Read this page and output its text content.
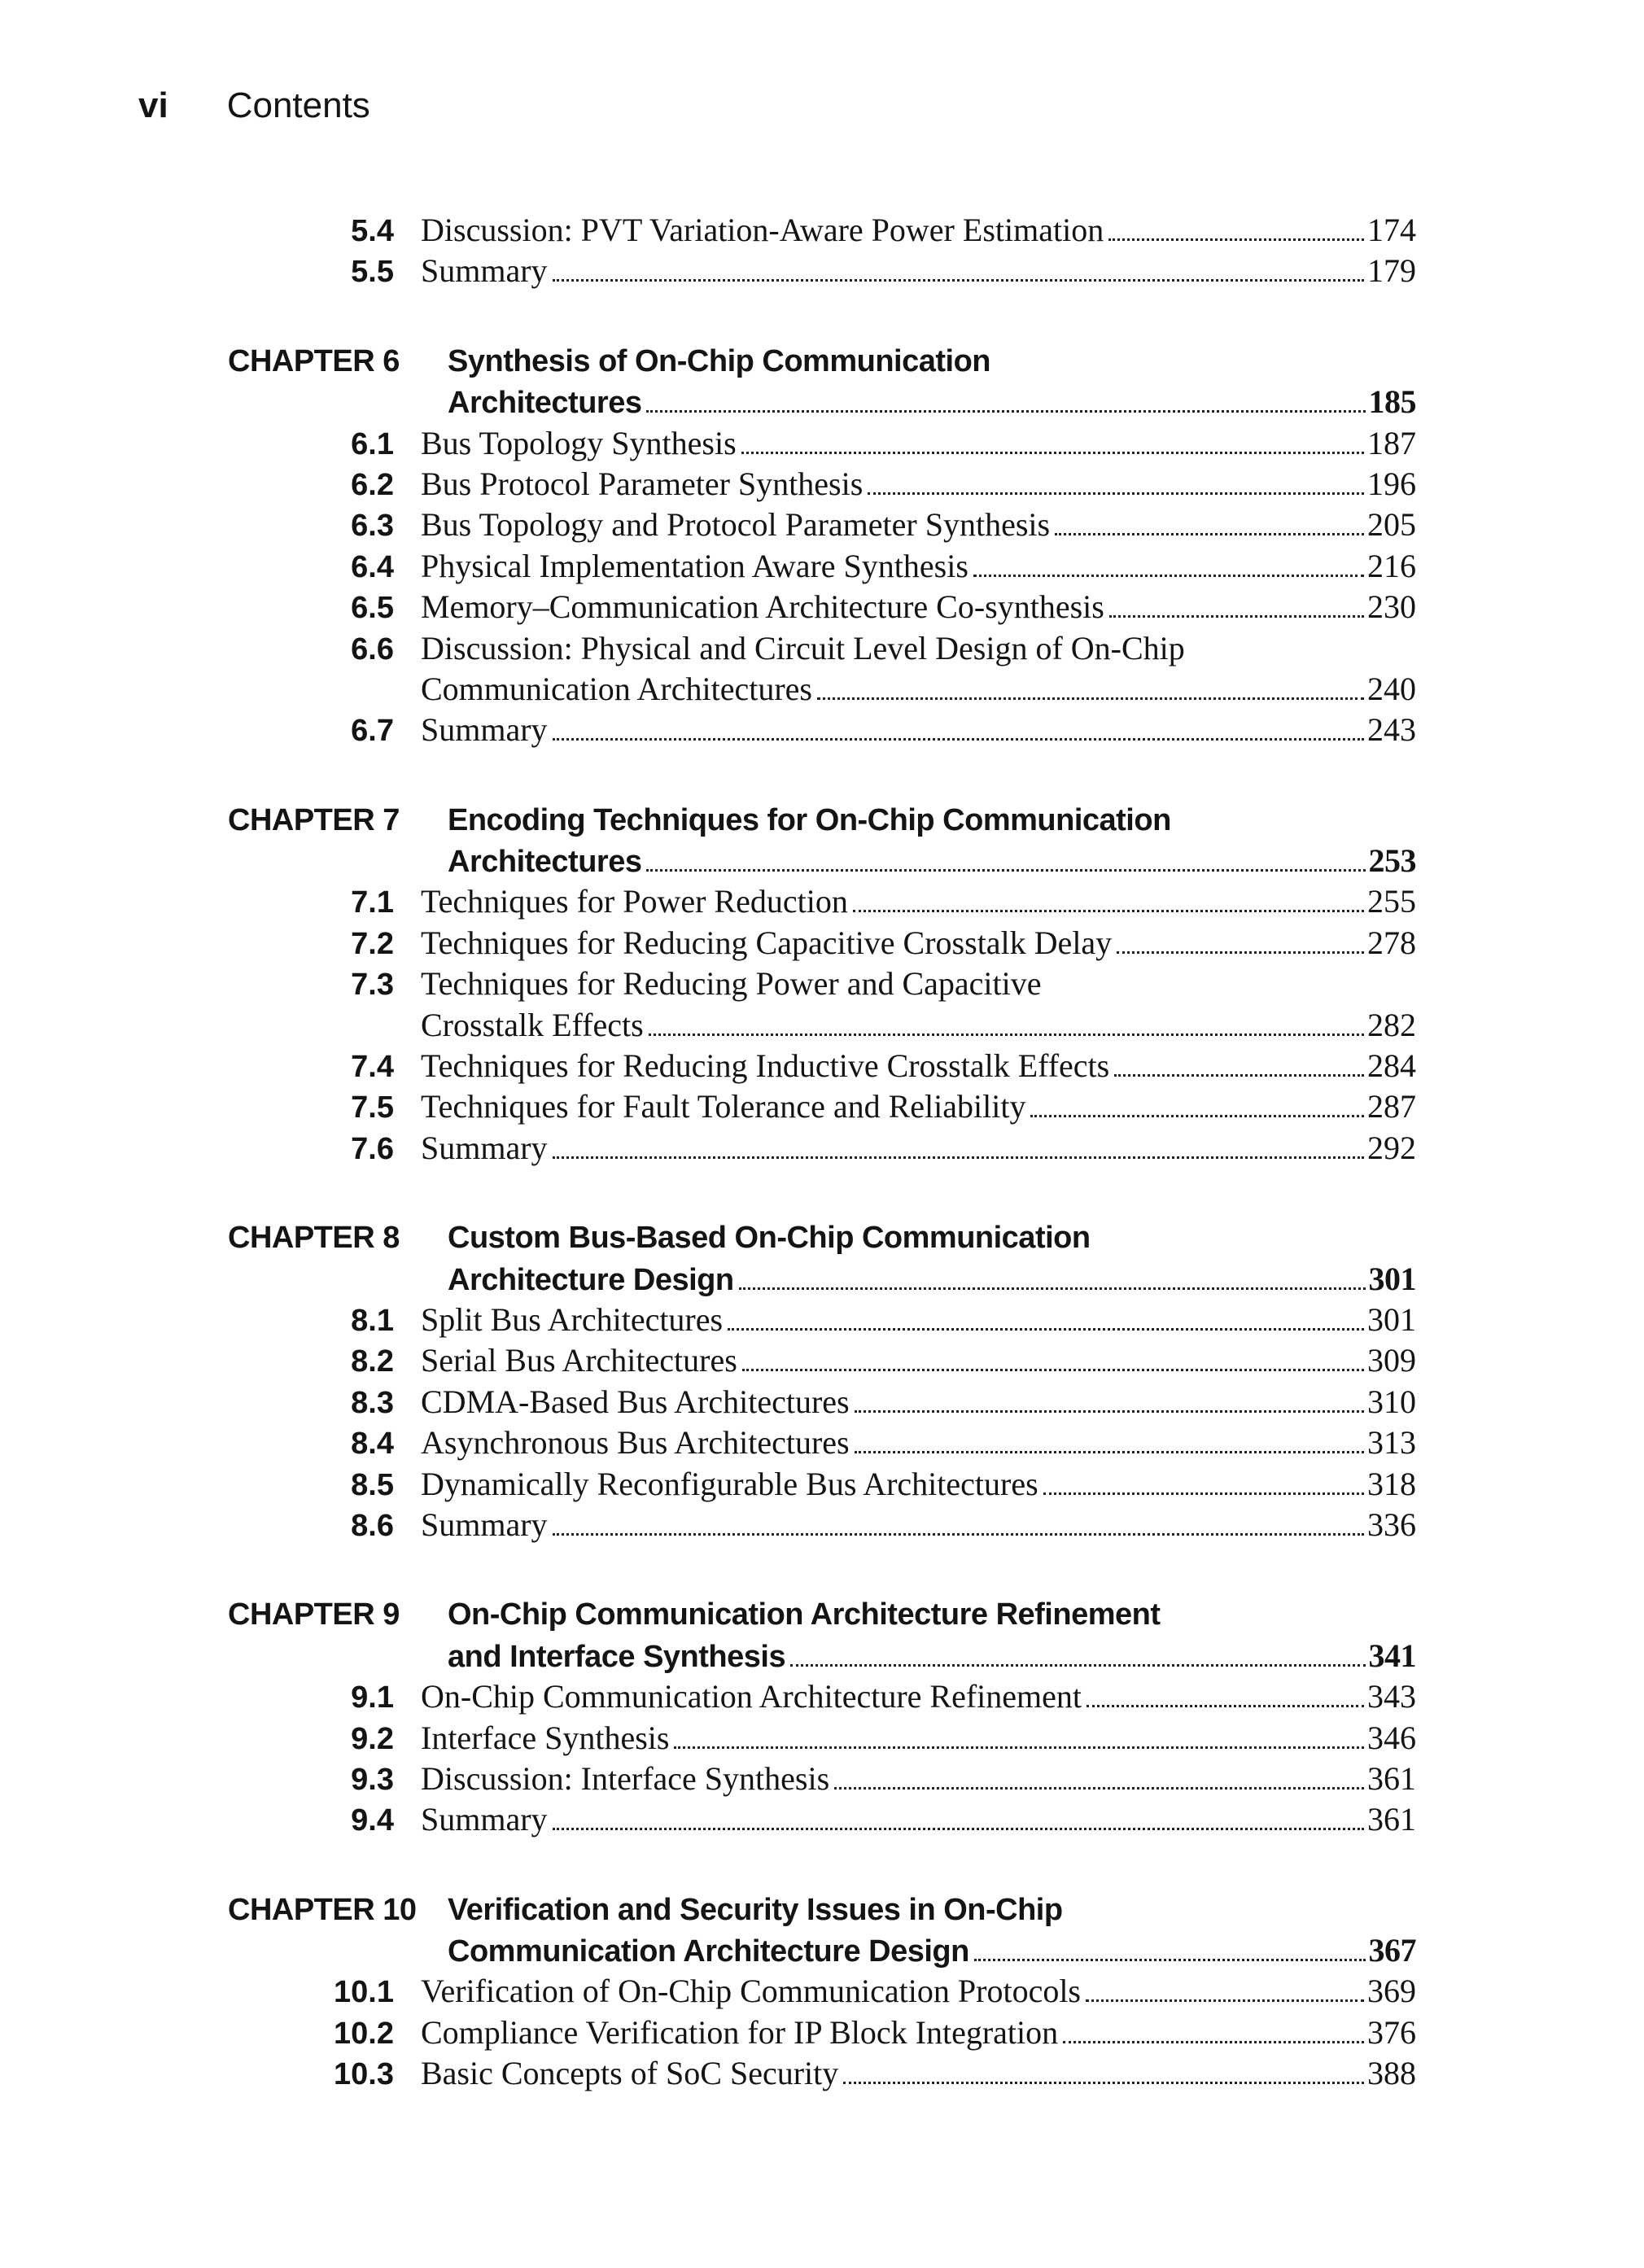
vi Contents
5.4 Discussion: PVT Variation-Aware Power Estimation	174
5.5 Summary	179
CHAPTER 6	Synthesis of On-Chip Communication
Architectures	185
6.1 Bus Topology Synthesis	187
6.2 Bus Protocol Parameter Synthesis	196
6.3 Bus Topology and Protocol Parameter Synthesis	205
6.4 Physical Implementation Aware Synthesis	216
6.5 Memory–Communication Architecture Co-synthesis	230
6.6 Discussion: Physical and Circuit Level Design of On-Chip
Communication Architectures	240
6.7 Summary	243
CHAPTER 7	Encoding Techniques for On-Chip Communication
Architectures	253
7.1 Techniques for Power Reduction	255
7.2 Techniques for Reducing Capacitive Crosstalk Delay	278
7.3 Techniques for Reducing Power and Capacitive
Crosstalk Effects	282
7.4 Techniques for Reducing Inductive Crosstalk Effects	284
7.5 Techniques for Fault Tolerance and Reliability	287
7.6 Summary	292
CHAPTER 8	Custom Bus-Based On-Chip Communication
Architecture Design	301
8.1 Split Bus Architectures	301
8.2 Serial Bus Architectures	309
8.3 CDMA-Based Bus Architectures	310
8.4 Asynchronous Bus Architectures	313
8.5 Dynamically Reconfigurable Bus Architectures	318
8.6 Summary	336
CHAPTER 9	On-Chip Communication Architecture Refinement
and Interface Synthesis	341
9.1 On-Chip Communication Architecture Refinement	343
9.2 Interface Synthesis	346
9.3 Discussion: Interface Synthesis	361
9.4 Summary	361
CHAPTER 10	Verification and Security Issues in On-Chip
Communication Architecture Design	367
10.1 Verification of On-Chip Communication Protocols	369
10.2 Compliance Verification for IP Block Integration	376
10.3 Basic Concepts of SoC Security	388
